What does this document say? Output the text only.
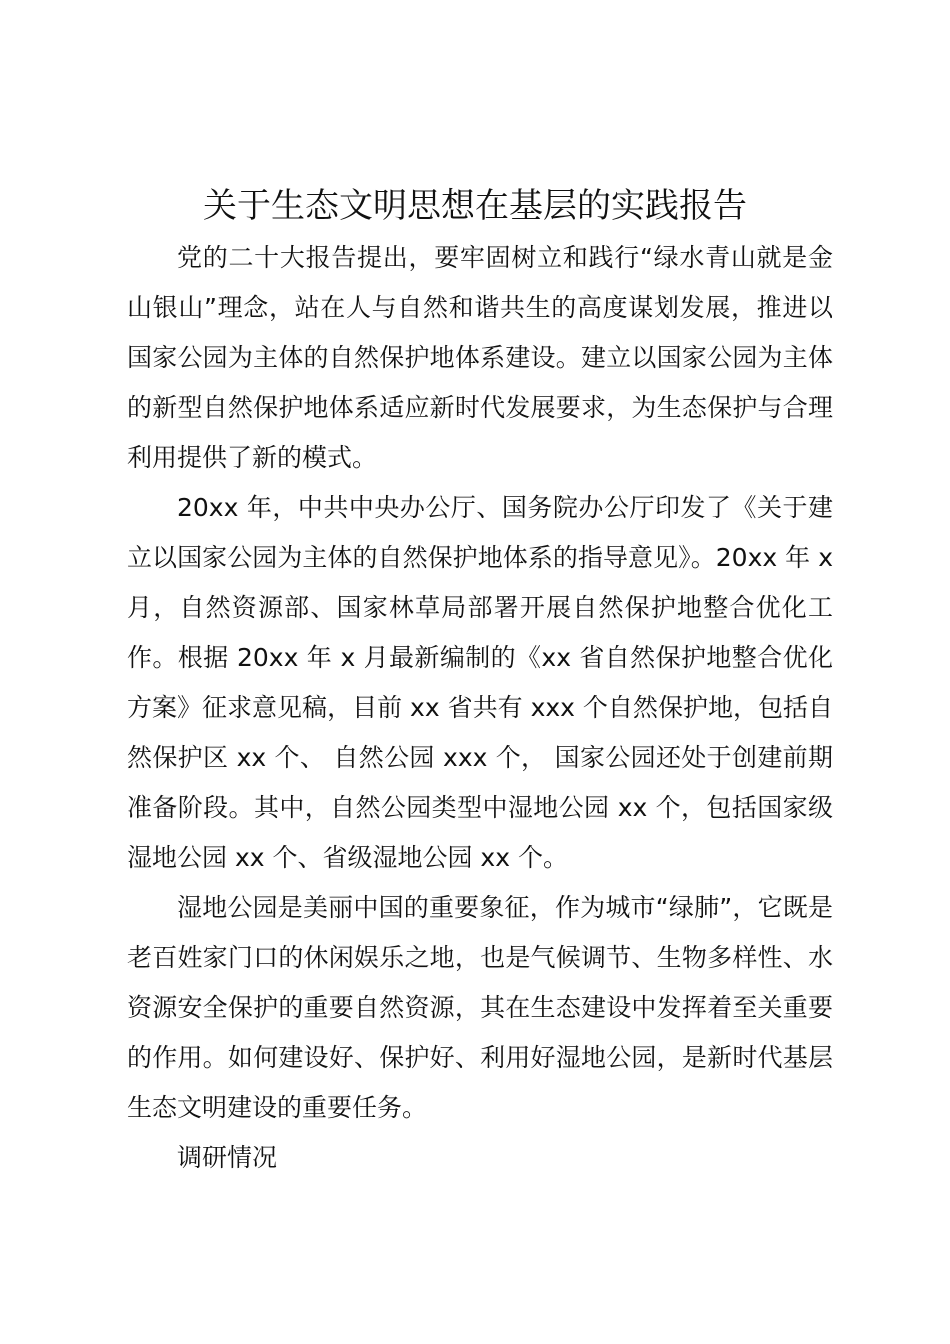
关于生态文明思想在基层的实践报告

党的二十大报告提出，要牢固树立和践行“绿水青山就是金山银山”理念，站在人与自然和谐共生的高度谋划发展，推进以国家公园为主体的自然保护地体系建设。建立以国家公园为主体的新型自然保护地体系适应新时代发展要求，为生态保护与合理利用提供了新的模式。

20xx 年，中共中央办公厅、国务院办公厅印发了《关于建立以国家公园为主体的自然保护地体系的指导意见》。20xx 年 x 月，自然资源部、国家林草局部署开展自然保护地整合优化工作。根据 20xx 年 x 月最新编制的《xx 省自然保护地整合优化方案》征求意见稿，目前 xx 省共有 xxx 个自然保护地，包括自然保护区 xx 个、 自然公园 xxx 个， 国家公园还处于创建前期准备阶段。其中，自然公园类型中湿地公园 xx 个，包括国家级湿地公园 xx 个、省级湿地公园 xx 个。

湿地公园是美丽中国的重要象征，作为城市“绿肺”，它既是老百姓家门口的休闲娱乐之地，也是气候调节、生物多样性、水资源安全保护的重要自然资源，其在生态建设中发挥着至关重要的作用。如何建设好、保护好、利用好湿地公园，是新时代基层生态文明建设的重要任务。

调研情况
